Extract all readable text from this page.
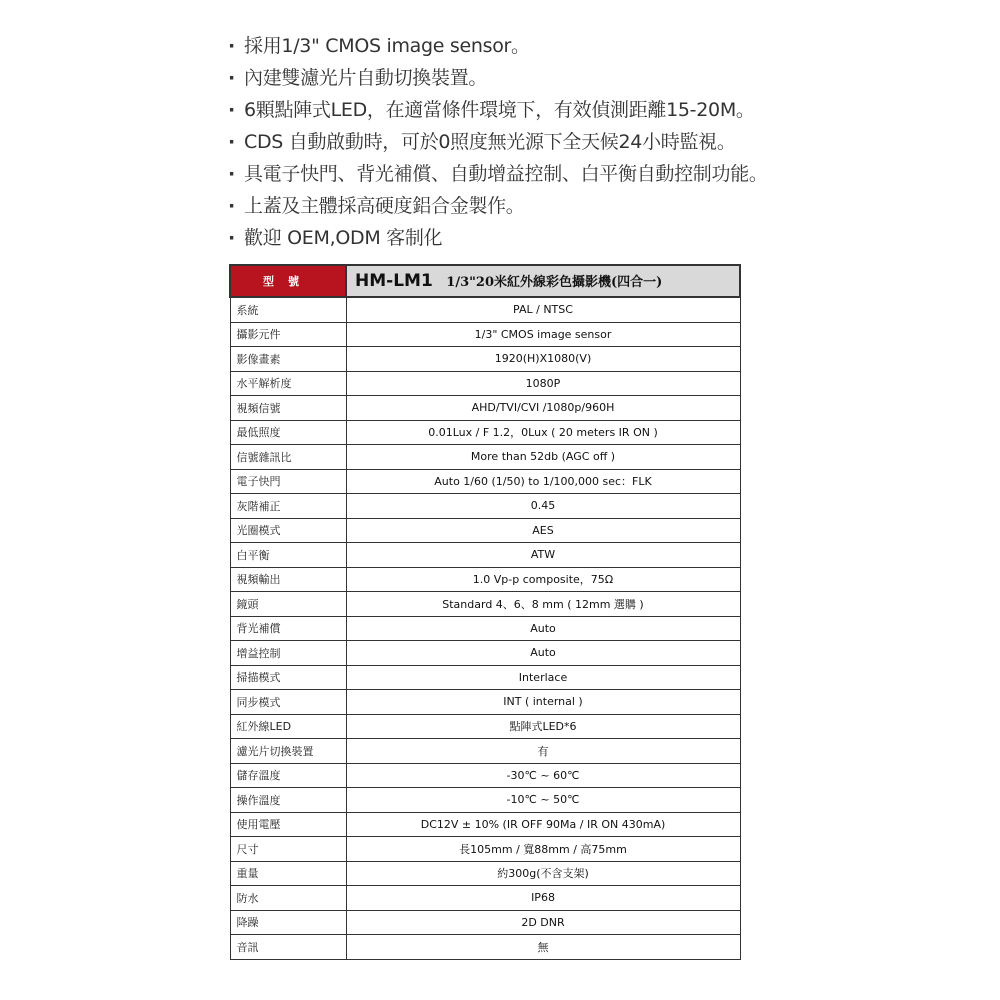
· 採用1/3" CMOS image sensor。
· 內建雙濾光片自動切換裝置。
· 6顆點陣式LED，在適當條件環境下，有效偵測距離15-20M。
· CDS 自動啟動時，可於0照度無光源下全天候24小時監視。
· 具電子快門、背光補償、自動增益控制、白平衡自動控制功能。
· 上蓋及主體採高硬度鋁合金製作。
· 歡迎 OEM,ODM 客制化
型號	HM-LM1 1/3"20米紅外線彩色攝影機(四合一)
系統	PAL / NTSC
攝影元件	1/3" CMOS image sensor
影像畫素	1920(H)X1080(V)
水平解析度	1080P
視頻信號	AHD/TVI/CVI /1080p/960H
最低照度	0.01Lux / F 1.2，0Lux ( 20 meters IR ON )
信號雜訊比	More than 52db (AGC off )
電子快門	Auto 1/60 (1/50) to 1/100,000 sec：FLK
灰階補正	0.45
光圈模式	AES
白平衡	ATW
視頻輸出	1.0 Vp-p composite，75Ω
鏡頭	Standard 4、6、8 mm ( 12mm 選購 )
背光補償	Auto
增益控制	Auto
掃描模式	Interlace
同步模式	INT ( internal )
紅外線LED	點陣式LED*6
濾光片切換裝置	有
儲存溫度	-30℃ ~ 60℃
操作溫度	-10℃ ~ 50℃
使用電壓	DC12V ± 10% (IR OFF 90Ma / IR ON 430mA)
尺寸	長105mm / 寬88mm / 高75mm
重量	約300g(不含支架)
防水	IP68
降躁	2D DNR
音訊	無
